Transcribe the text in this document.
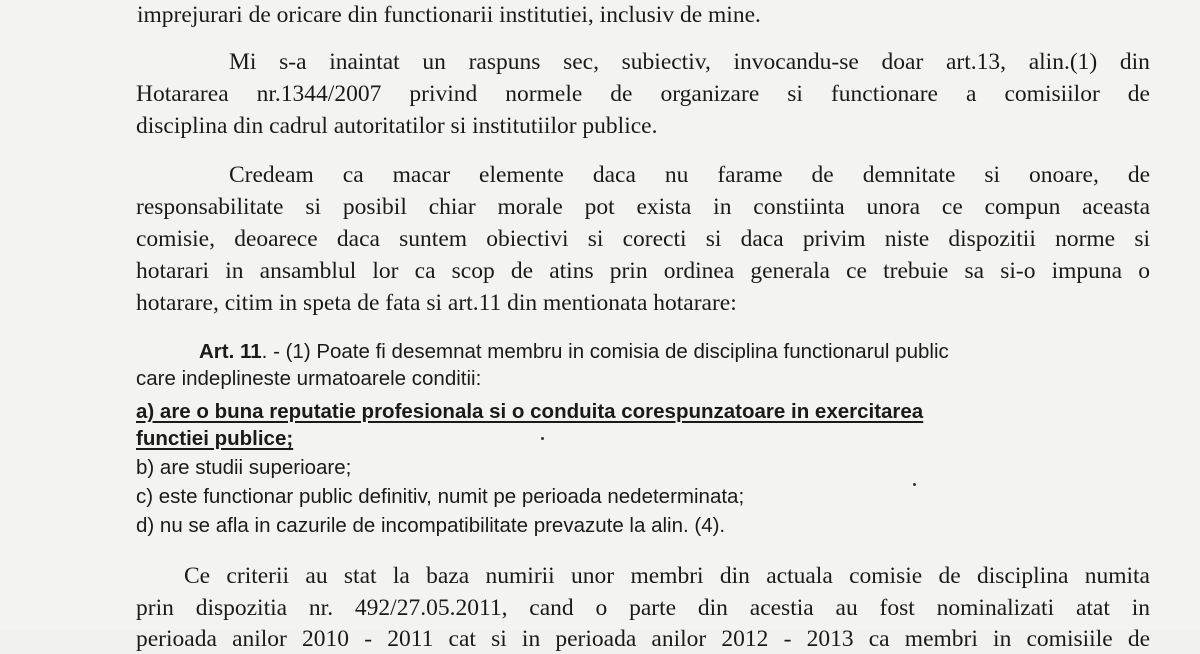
imprejurari de oricare din functionarii institutiei, inclusiv de mine.
Mi s-a inaintat un raspuns sec, subiectiv, invocandu-se doar art.13, alin.(1) din
Hotararea nr.1344/2007 privind normele de organizare si functionare a comisiilor de
disciplina din cadrul autoritatilor si institutiilor publice.
Credeam ca macar elemente daca nu farame de demnitate si onoare, de
responsabilitate si posibil chiar morale pot exista in constiinta unora ce compun aceasta
comisie, deoarece daca suntem obiectivi si corecti si daca privim niste dispozitii norme si
hotarari in ansamblul lor ca scop de atins prin ordinea generala ce trebuie sa si-o impuna o
hotarare, citim in speta de fata si art.11 din mentionata hotarare:
Art. 11. - (1) Poate fi desemnat membru in comisia de disciplina functionarul public
care indeplineste urmatoarele conditii:
a) are o buna reputatie profesionala si o conduita corespunzatoare in exercitarea
functiei publice;
b) are studii superioare;
c) este functionar public definitiv, numit pe perioada nedeterminata;
d) nu se afla in cazurile de incompatibilitate prevazute la alin. (4).
Ce criterii au stat la baza numirii unor membri din actuala comisie de disciplina numita
prin dispozitia nr. 492/27.05.2011, cand o parte din acestia au fost nominalizati atat in
perioada anilor 2010 - 2011 cat si in perioada anilor 2012 - 2013 ca membri in comisiile de
